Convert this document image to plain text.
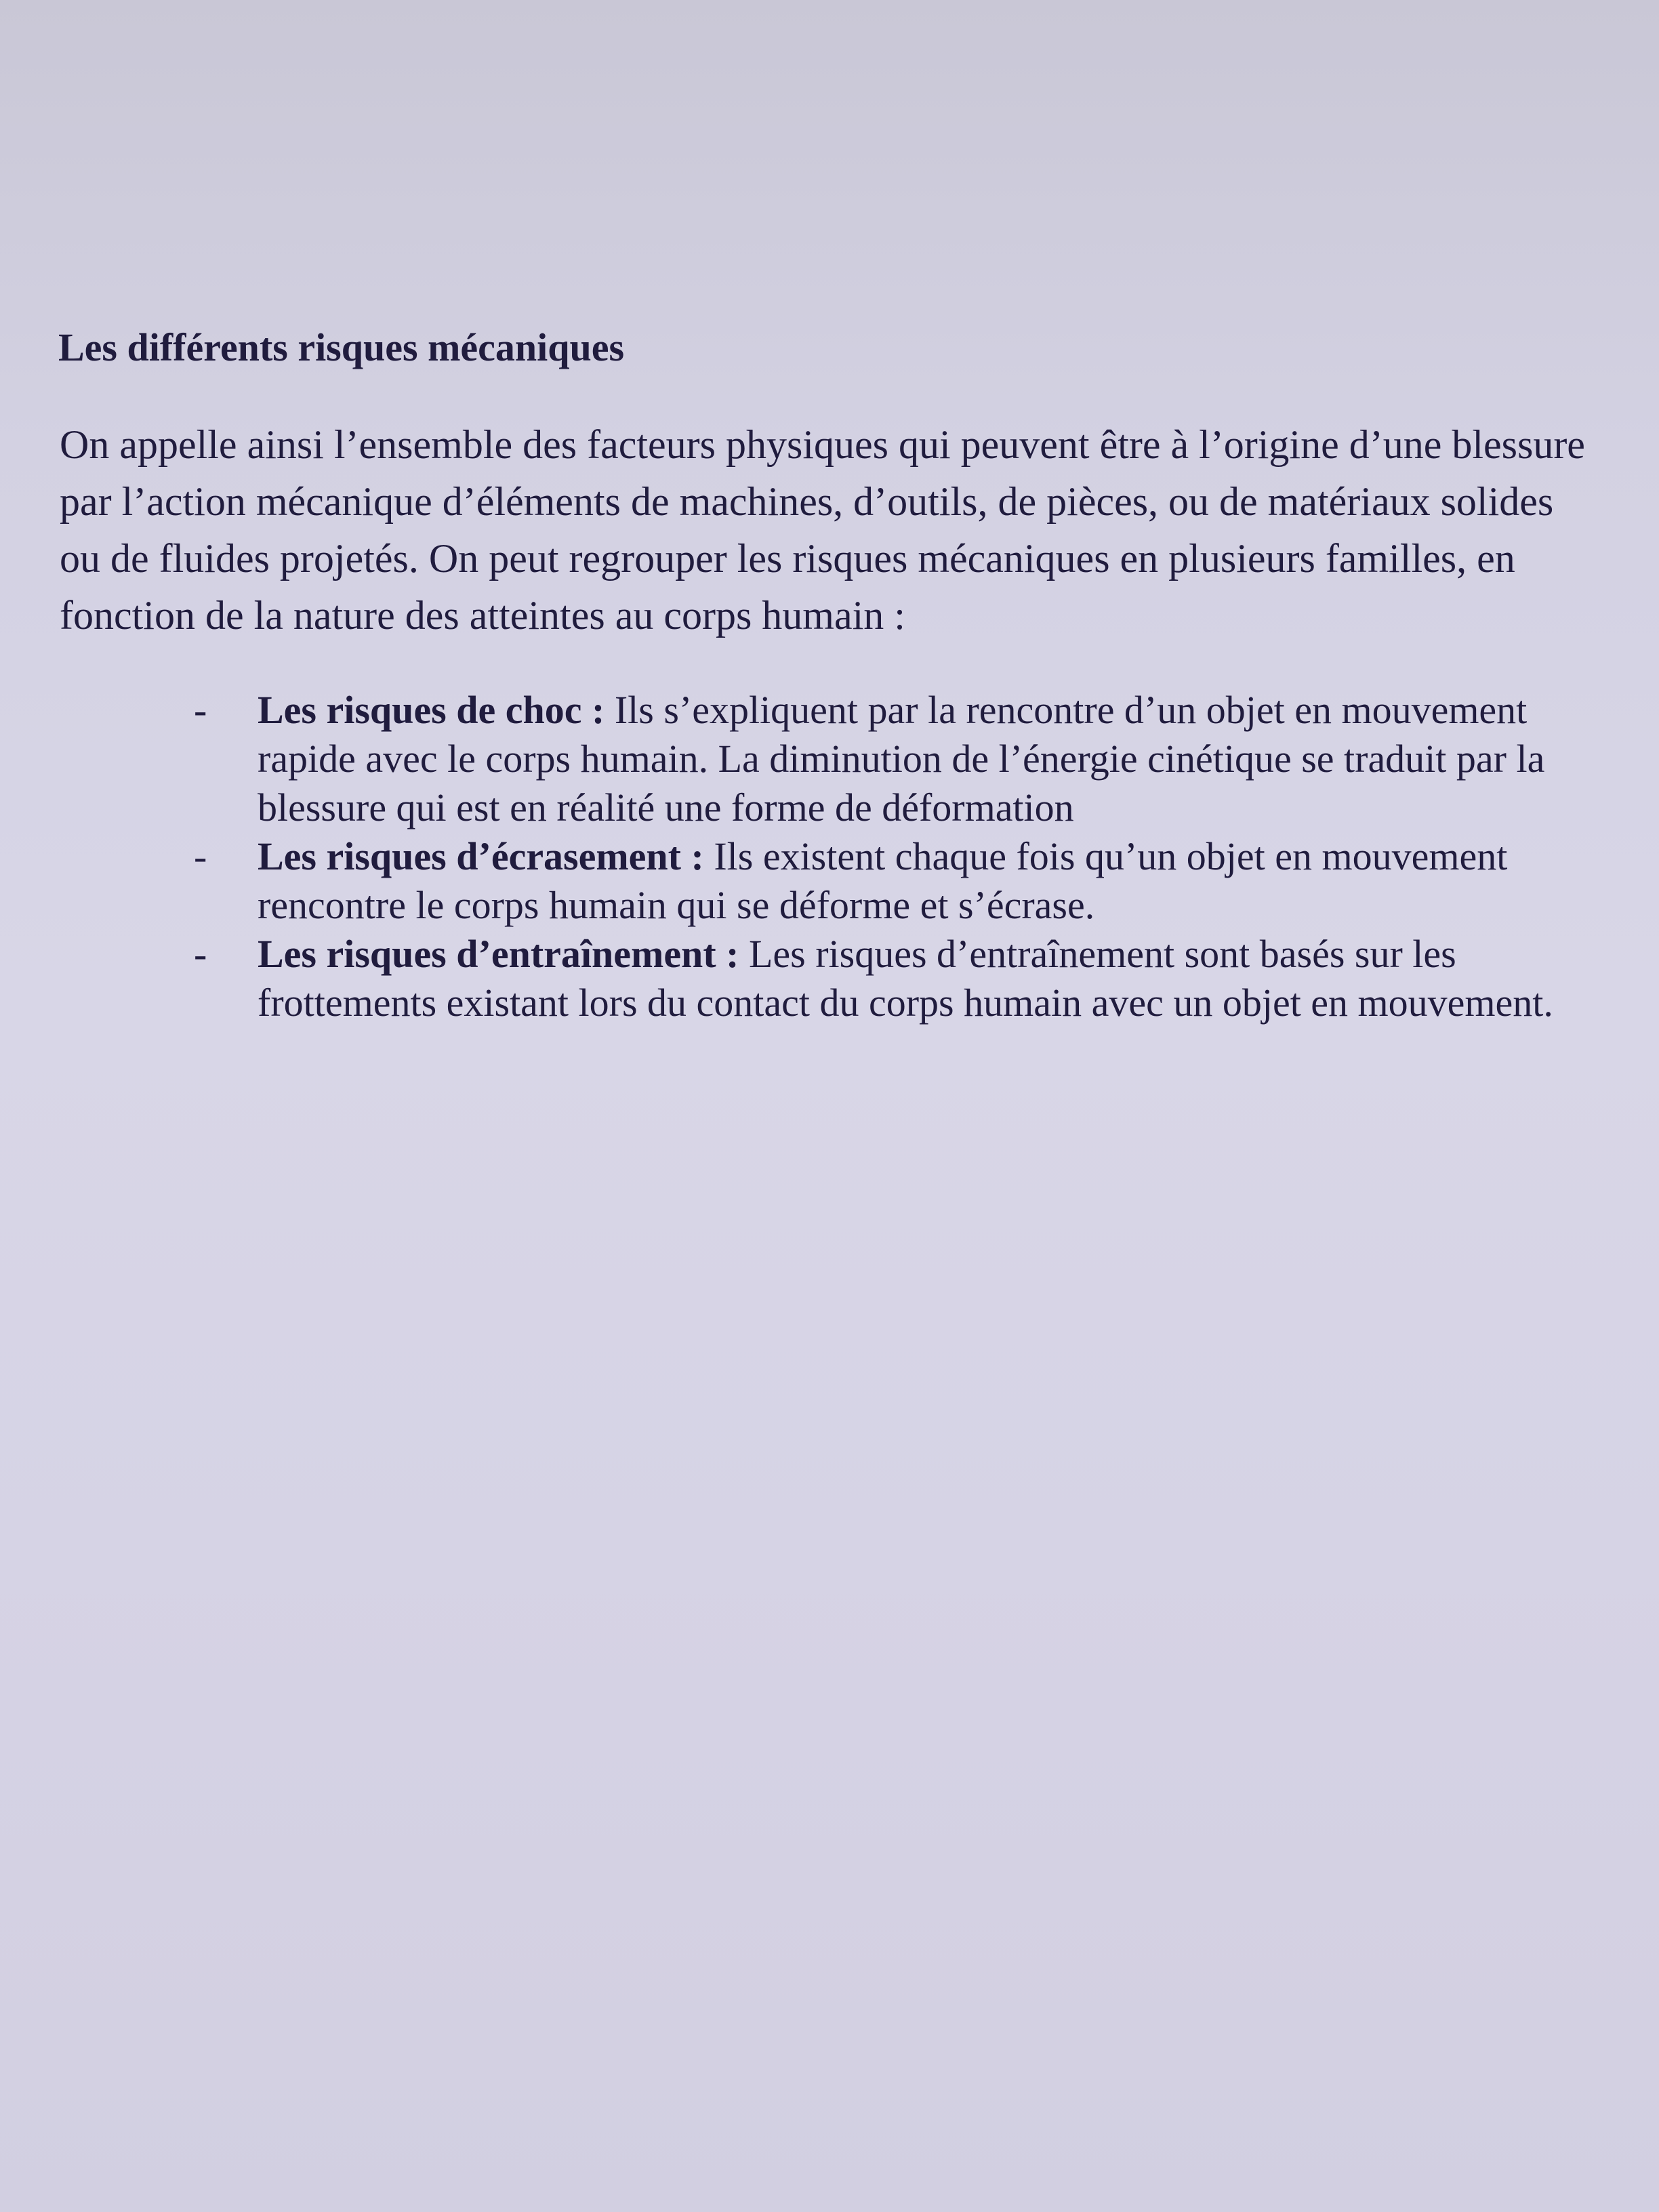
Les différents risques mécaniques

On appelle ainsi l’ensemble des facteurs physiques qui peuvent être à l’origine d’une blessure
par l’action mécanique d’éléments de machines, d’outils, de pièces, ou de matériaux solides
ou de fluides projetés. On peut regrouper les risques mécaniques en plusieurs familles, en
fonction de la nature des atteintes au corps humain :

- Les risques de choc : Ils s’expliquent par la rencontre d’un objet en mouvement
rapide avec le corps humain. La diminution de l’énergie cinétique se traduit par la
blessure qui est en réalité une forme de déformation
- Les risques d’écrasement : Ils existent chaque fois qu’un objet en mouvement
rencontre le corps humain qui se déforme et s’écrase.
- Les risques d’entraînement : Les risques d’entraînement sont basés sur les
frottements existant lors du contact du corps humain avec un objet en mouvement.
